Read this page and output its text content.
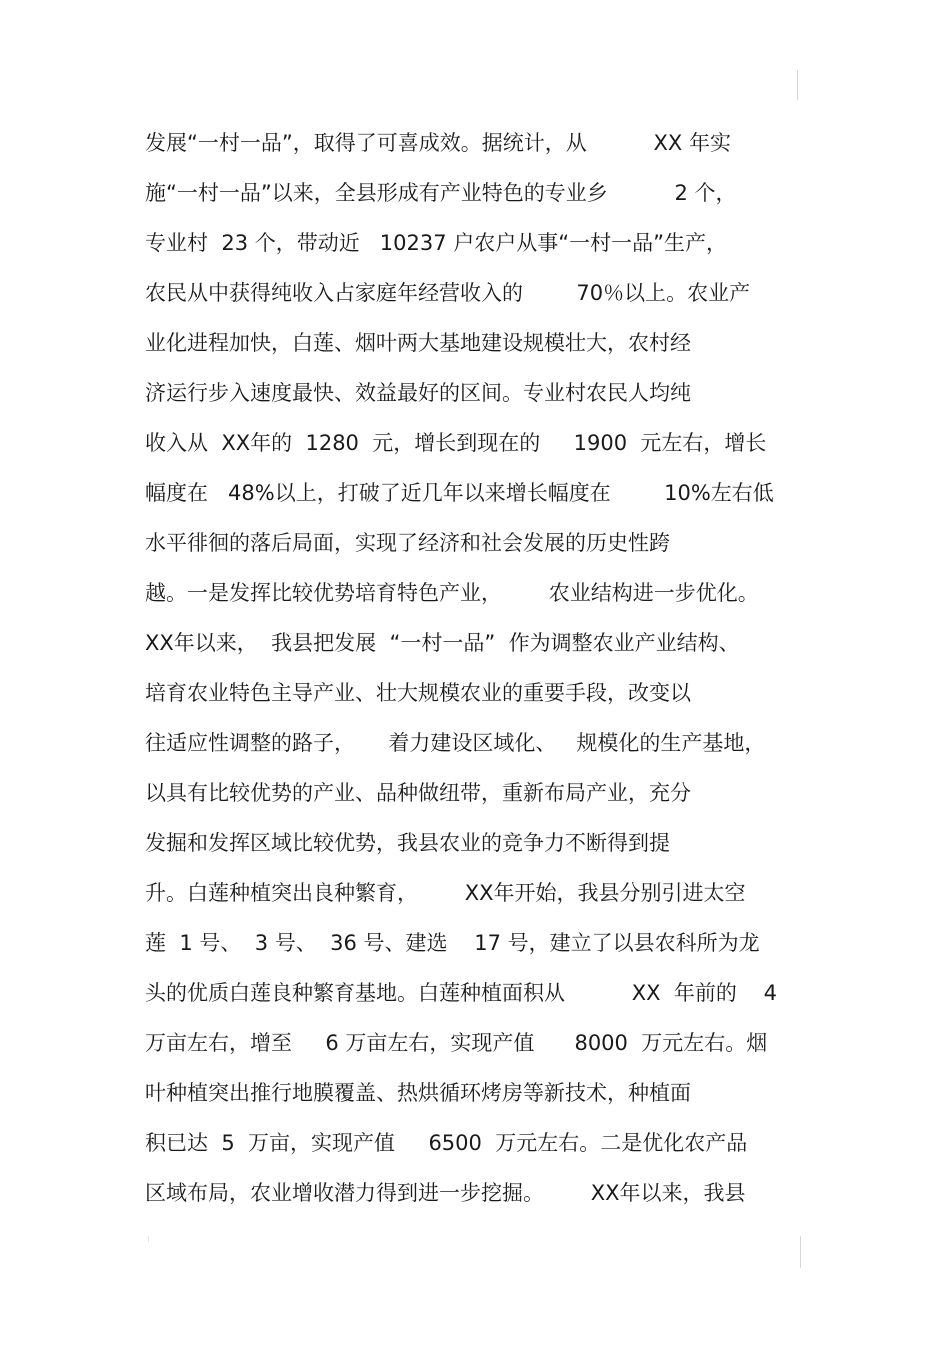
发展“一村一品”，取得了可喜成效。据统计，从          XX 年实
施“一村一品”以来，全县形成有产业特色的专业乡          2 个，
专业村  23 个，带动近   10237 户农户从事“一村一品”生产，
农民从中获得纯收入占家庭年经营收入的        70％以上。农业产
业化进程加快，白莲、烟叶两大基地建设规模壮大，农村经
济运行步入速度最快、效益最好的区间。专业村农民人均纯
收入从  XX年的  1280  元，增长到现在的     1900  元左右，增长
幅度在   48%以上，打破了近几年以来增长幅度在        10%左右低
水平徘徊的落后局面，实现了经济和社会发展的历史性跨
越。一是发挥比较优势培育特色产业，       农业结构进一步优化。
XX年以来，  我县把发展  “一村一品”  作为调整农业产业结构、
培育农业特色主导产业、壮大规模农业的重要手段，改变以
往适应性调整的路子，     着力建设区域化、   规模化的生产基地，
以具有比较优势的产业、品种做纽带，重新布局产业，充分
发掘和发挥区域比较优势，我县农业的竞争力不断得到提
升。白莲种植突出良种繁育，       XX年开始，我县分别引进太空
莲  1 号、  3 号、  36 号、建选    17 号，建立了以县农科所为龙
头的优质白莲良种繁育基地。白莲种植面积从          XX  年前的    4
万亩左右，增至     6 万亩左右，实现产值      8000  万元左右。烟
叶种植突出推行地膜覆盖、热烘循环烤房等新技术，种植面
积已达  5  万亩，实现产值     6500  万元左右。二是优化农产品
区域布局，农业增收潜力得到进一步挖掘。       XX年以来，我县
